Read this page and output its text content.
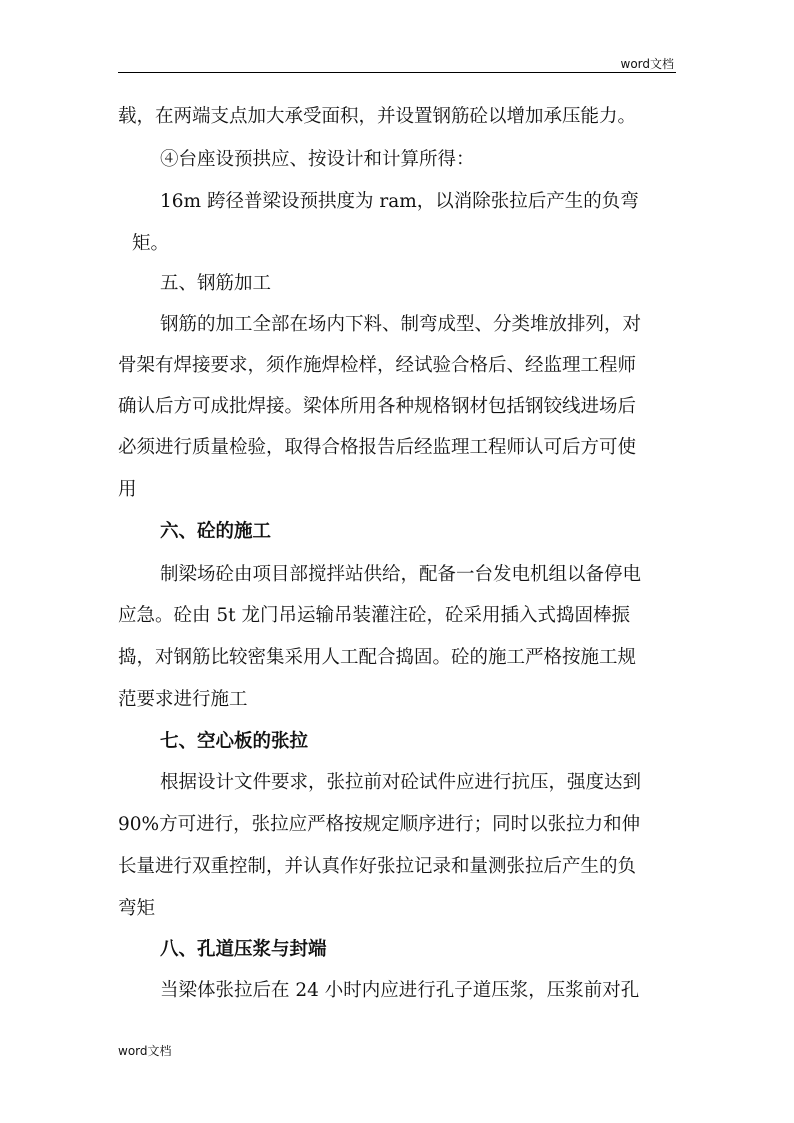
word文档
载，在两端支点加大承受面积，并设置钢筋砼以增加承压能力。
④台座设预拱应、按设计和计算所得：
16m 跨径普梁设预拱度为 ram，以消除张拉后产生的负弯
矩。
五、钢筋加工
钢筋的加工全部在场内下料、制弯成型、分类堆放排列，对
骨架有焊接要求，须作施焊检样，经试验合格后、经监理工程师
确认后方可成批焊接。梁体所用各种规格钢材包括钢铰线进场后
必须进行质量检验，取得合格报告后经监理工程师认可后方可使
用
六、砼的施工
制梁场砼由项目部搅拌站供给，配备一台发电机组以备停电
应急。砼由 5t 龙门吊运输吊装灌注砼，砼采用插入式捣固棒振
捣，对钢筋比较密集采用人工配合捣固。砼的施工严格按施工规
范要求进行施工
七、空心板的张拉
根据设计文件要求，张拉前对砼试件应进行抗压，强度达到
90%方可进行，张拉应严格按规定顺序进行；同时以张拉力和伸
长量进行双重控制，并认真作好张拉记录和量测张拉后产生的负
弯矩
八、孔道压浆与封端
当梁体张拉后在 24 小时内应进行孔子道压浆，压浆前对孔
word文档
